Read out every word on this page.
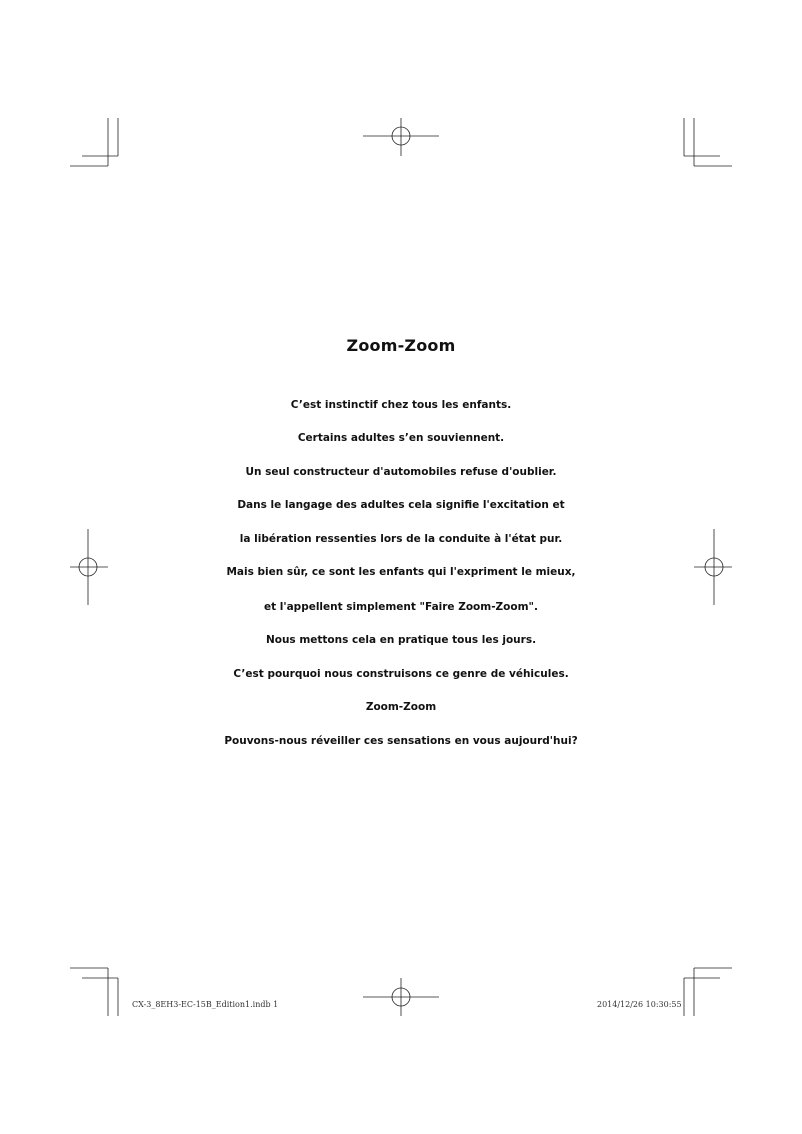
Zoom-Zoom

C’est instinctif chez tous les enfants.

Certains adultes s’en souviennent.

Un seul constructeur d'automobiles refuse d'oublier.

Dans le langage des adultes cela signifie l'excitation et

la libération ressenties lors de la conduite à l'état pur.

Mais bien sûr, ce sont les enfants qui l'expriment le mieux,

et l'appellent simplement "Faire Zoom-Zoom".

Nous mettons cela en pratique tous les jours.

C’est pourquoi nous construisons ce genre de véhicules.

Zoom-Zoom

Pouvons-nous réveiller ces sensations en vous aujourd'hui?

CX-3_8EH3-EC-15B_Edition1.indb 1	2014/12/26 10:30:55
